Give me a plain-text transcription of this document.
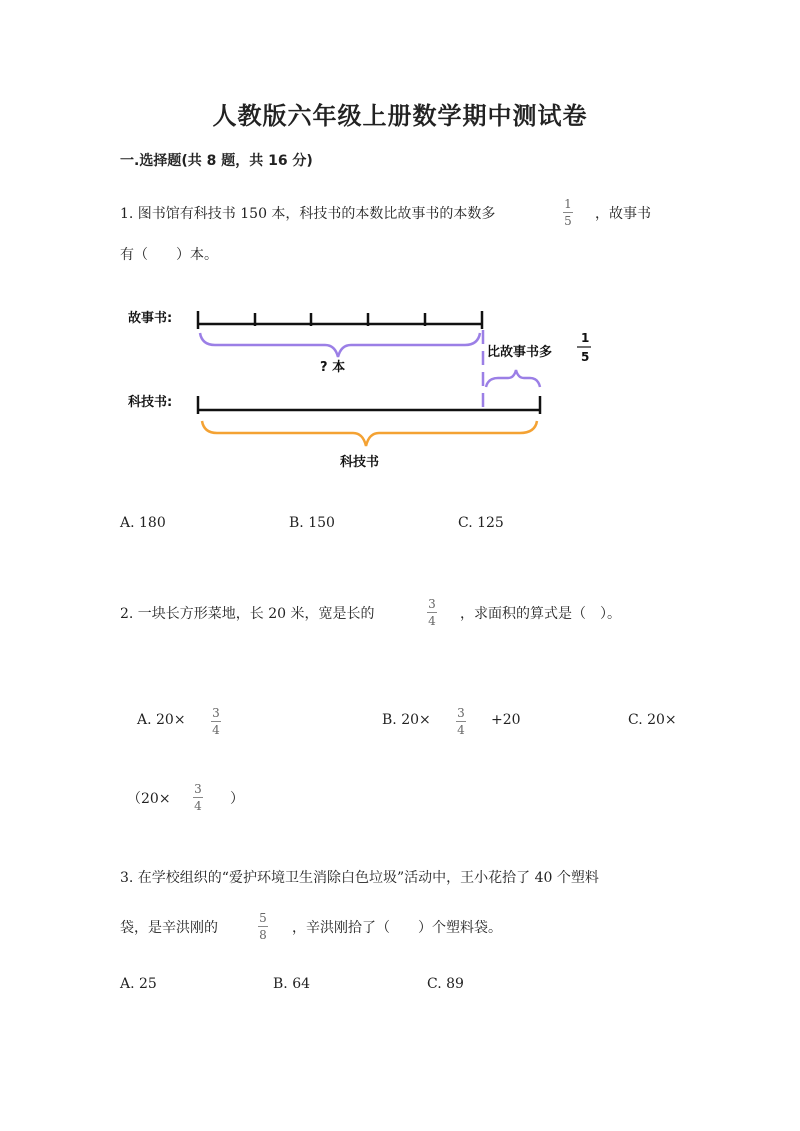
人教版六年级上册数学期中测试卷
一.选择题(共 8 题，共 16 分)
1. 图书馆有科技书 150 本，科技书的本数比故事书的本数多
1
5 ，故事书
有（　　）本。
故事书:
科技书:
? 本
比故事书多
1
5
科技书
A. 180	B. 150	C. 125
2. 一块长方形菜地，长 20 米，宽是长的
3
4 ，求面积的算式是（　）。
A. 20× 3
4
B. 20× 3
4
+20	C. 20×
（20×
3
4 ）
3. 在学校组织的“爱护环境卫生消除白色垃圾”活动中，王小花拾了 40 个塑料
袋，是辛洪刚的
5
8 ，辛洪刚拾了（　　）个塑料袋。
A. 25	B. 64	C. 89
